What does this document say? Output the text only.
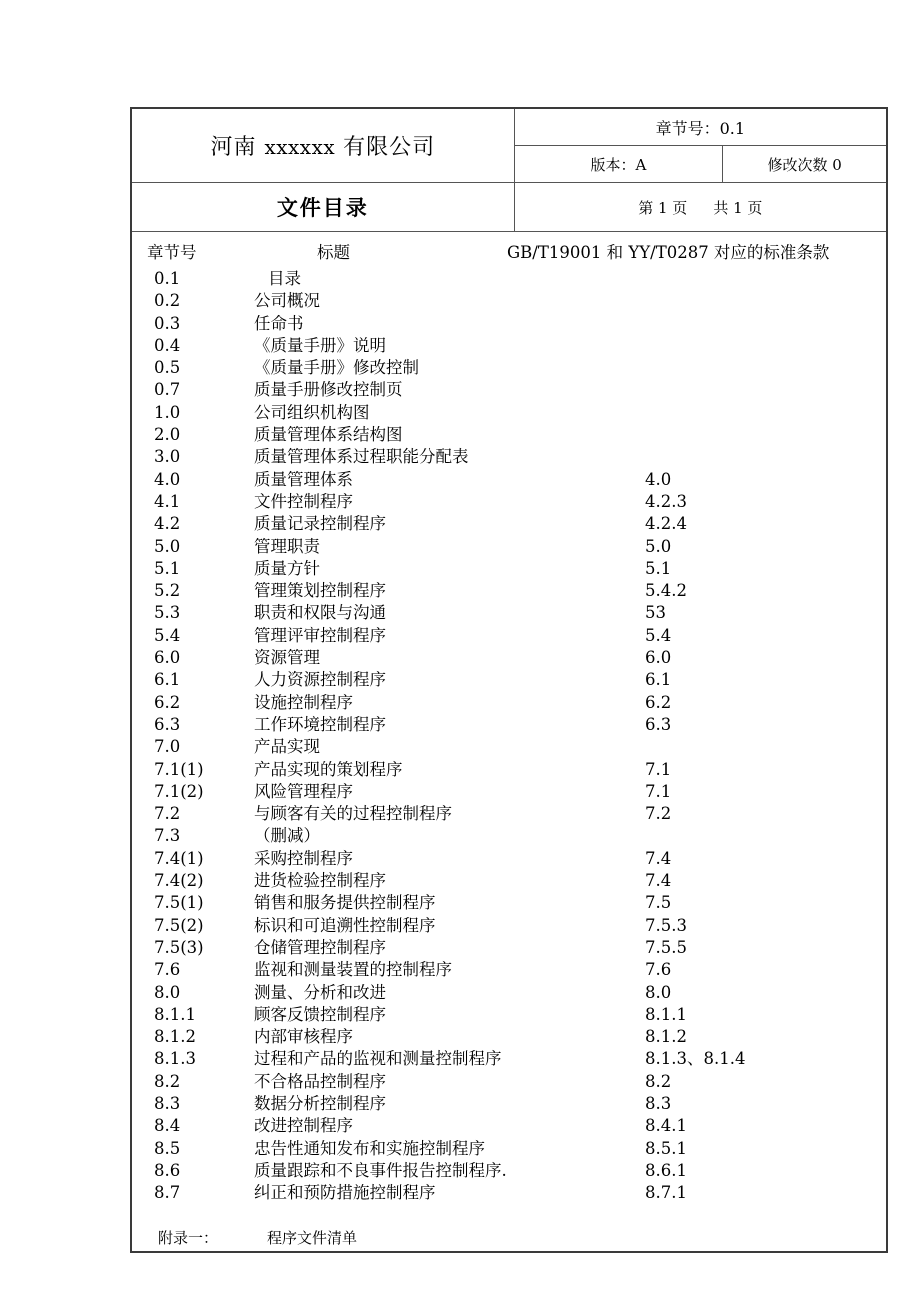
河南 xxxxxx 有限公司	章节号：0.1	
	版本：A	修改次数 0
文件目录	第 1 页 共 1 页	

章节号	标题	GB/T19001 和 YY/T0287 对应的标准条款
0.1	目录
0.2	公司概况
0.3	任命书
0.4	《质量手册》说明
0.5	《质量手册》修改控制
0.7	质量手册修改控制页
1.0	公司组织机构图
2.0	质量管理体系结构图
3.0	质量管理体系过程职能分配表
4.0	质量管理体系	4.0
4.1	文件控制程序	4.2.3
4.2	质量记录控制程序	4.2.4
5.0	管理职责	5.0
5.1	质量方针	5.1
5.2	管理策划控制程序	5.4.2
5.3	职责和权限与沟通	53
5.4	管理评审控制程序	5.4
6.0	资源管理	6.0
6.1	人力资源控制程序	6.1
6.2	设施控制程序	6.2
6.3	工作环境控制程序	6.3
7.0	产品实现
7.1(1)	产品实现的策划程序	7.1
7.1(2)	风险管理程序	7.1
7.2	与顾客有关的过程控制程序	7.2
7.3	（删减）
7.4(1)	采购控制程序	7.4
7.4(2)	进货检验控制程序	7.4
7.5(1)	销售和服务提供控制程序	7.5
7.5(2)	标识和可追溯性控制程序	7.5.3
7.5(3)	仓储管理控制程序	7.5.5
7.6	监视和测量装置的控制程序	7.6
8.0	测量、分析和改进	8.0
8.1.1	顾客反馈控制程序	8.1.1
8.1.2	内部审核程序	8.1.2
8.1.3	过程和产品的监视和测量控制程序	8.1.3、8.1.4
8.2	不合格品控制程序	8.2
8.3	数据分析控制程序	8.3
8.4	改进控制程序	8.4.1
8.5	忠告性通知发布和实施控制程序	8.5.1
8.6	质量跟踪和不良事件报告控制程序.	8.6.1
8.7	纠正和预防措施控制程序	8.7.1
附录一：	程序文件清单
